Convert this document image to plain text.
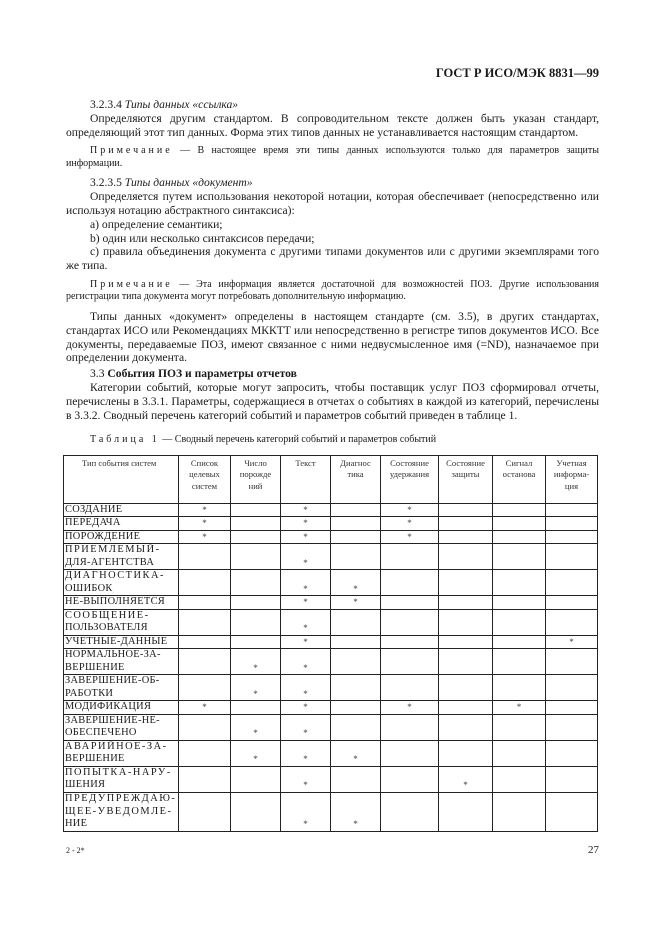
ГОСТ Р ИСО/МЭК 8831—99

3.2.3.4 Типы данных «ссылка»

Определяются другим стандартом. В сопроводительном тексте должен быть указан стандарт, определяющий этот тип данных. Форма этих типов данных не устанавливается настоящим стандартом.

Примечание — В настоящее время эти типы данных используются только для параметров защиты информации.

3.2.3.5 Типы данных «документ»

Определяется путем использования некоторой нотации, которая обеспечивает (непосредственно или используя нотацию абстрактного синтаксиса):

a) определение семантики;

b) один или несколько синтаксисов передачи;

c) правила объединения документа с другими типами документов или с другими экземплярами того же типа.

Примечание — Эта информация является достаточной для возможностей ПОЗ. Другие использования регистрации типа документа могут потребовать дополнительную информацию.

Типы данных «документ» определены в настоящем стандарте (см. 3.5), в других стандартах, стандартах ИСО или Рекомендациях МККТТ или непосредственно в регистре типов документов ИСО. Все документы, передаваемые ПОЗ, имеют связанное с ними недвусмысленное имя (=ND), назначаемое при определении документа.

3.3 События ПОЗ и параметры отчетов

Категории событий, которые могут запросить, чтобы поставщик услуг ПОЗ сформировал отчеты, перечислены в 3.3.1. Параметры, содержащиеся в отчетах о событиях в каждой из категорий, перечислены в 3.3.2. Сводный перечень категорий событий и параметров событий приведен в таблице 1.

Таблица 1 — Сводный перечень категорий событий и параметров событий

Тип события систем	Список целевых систем	Число порожде ний	Текст	Диагнос тика	Состояние удержания	Состояние защиты	Сигнал останова	Учетная информа- ция

СОЗДАНИЕ	*		*		*			

ПЕРЕДАЧА	*		*		*			

ПОРОЖДЕНИЕ	*		*		*			

ПРИЕМЛЕМЫЙ-
ДЛЯ-АГЕНТСТВА			*					

ДИАГНОСТИКА-
ОШИБОК			*	*				

НЕ-ВЫПОЛНЯЕТСЯ			*	*				

СООБЩЕНИЕ-
ПОЛЬЗОВАТЕЛЯ			*					

УЧЕТНЫЕ-ДАННЫЕ			*					*

НОРМАЛЬНОЕ-ЗА-
ВЕРШЕНИЕ		*	*					

ЗАВЕРШЕНИЕ-ОБ-
РАБОТКИ		*	*					

МОДИФИКАЦИЯ	*		*		*		*	

ЗАВЕРШЕНИЕ-НЕ-
ОБЕСПЕЧЕНО		*	*					

АВАРИЙНОЕ-ЗА-
ВЕРШЕНИЕ		*	*	*				

ПОПЫТКА-НАРУ-
ШЕНИЯ			*			*		

ПРЕДУПРЕЖДАЮ-
ЩЕЕ-УВЕДОМЛЕ-
НИЕ			*	*				
2 - 2*	27
